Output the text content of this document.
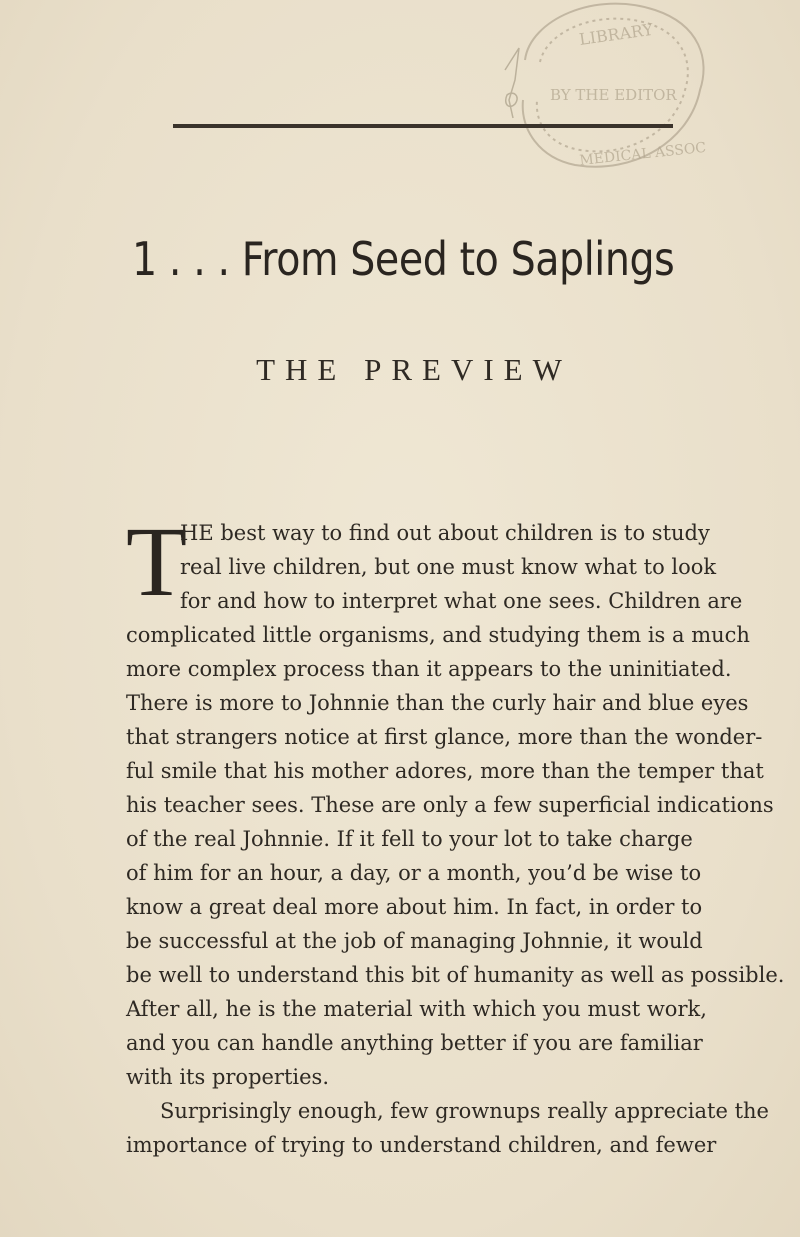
LIBRARY
BY THE EDITOR
MEDICAL ASSOC
1 . . . From Seed to Saplings
THE PREVIEW
T
HE best way to find out about children is to study
real live children, but one must know what to look
for and how to interpret what one sees. Children are
complicated little organisms, and studying them is a much
more complex process than it appears to the uninitiated.
There is more to Johnnie than the curly hair and blue eyes
that strangers notice at first glance, more than the wonder-
ful smile that his mother adores, more than the temper that
his teacher sees. These are only a few superficial indications
of the real Johnnie. If it fell to your lot to take charge
of him for an hour, a day, or a month, you’d be wise to
know a great deal more about him. In fact, in order to
be successful at the job of managing Johnnie, it would
be well to understand this bit of humanity as well as possible.
After all, he is the material with which you must work,
and you can handle anything better if you are familiar
with its properties.
Surprisingly enough, few grownups really appreciate the
importance of trying to understand children, and fewer
